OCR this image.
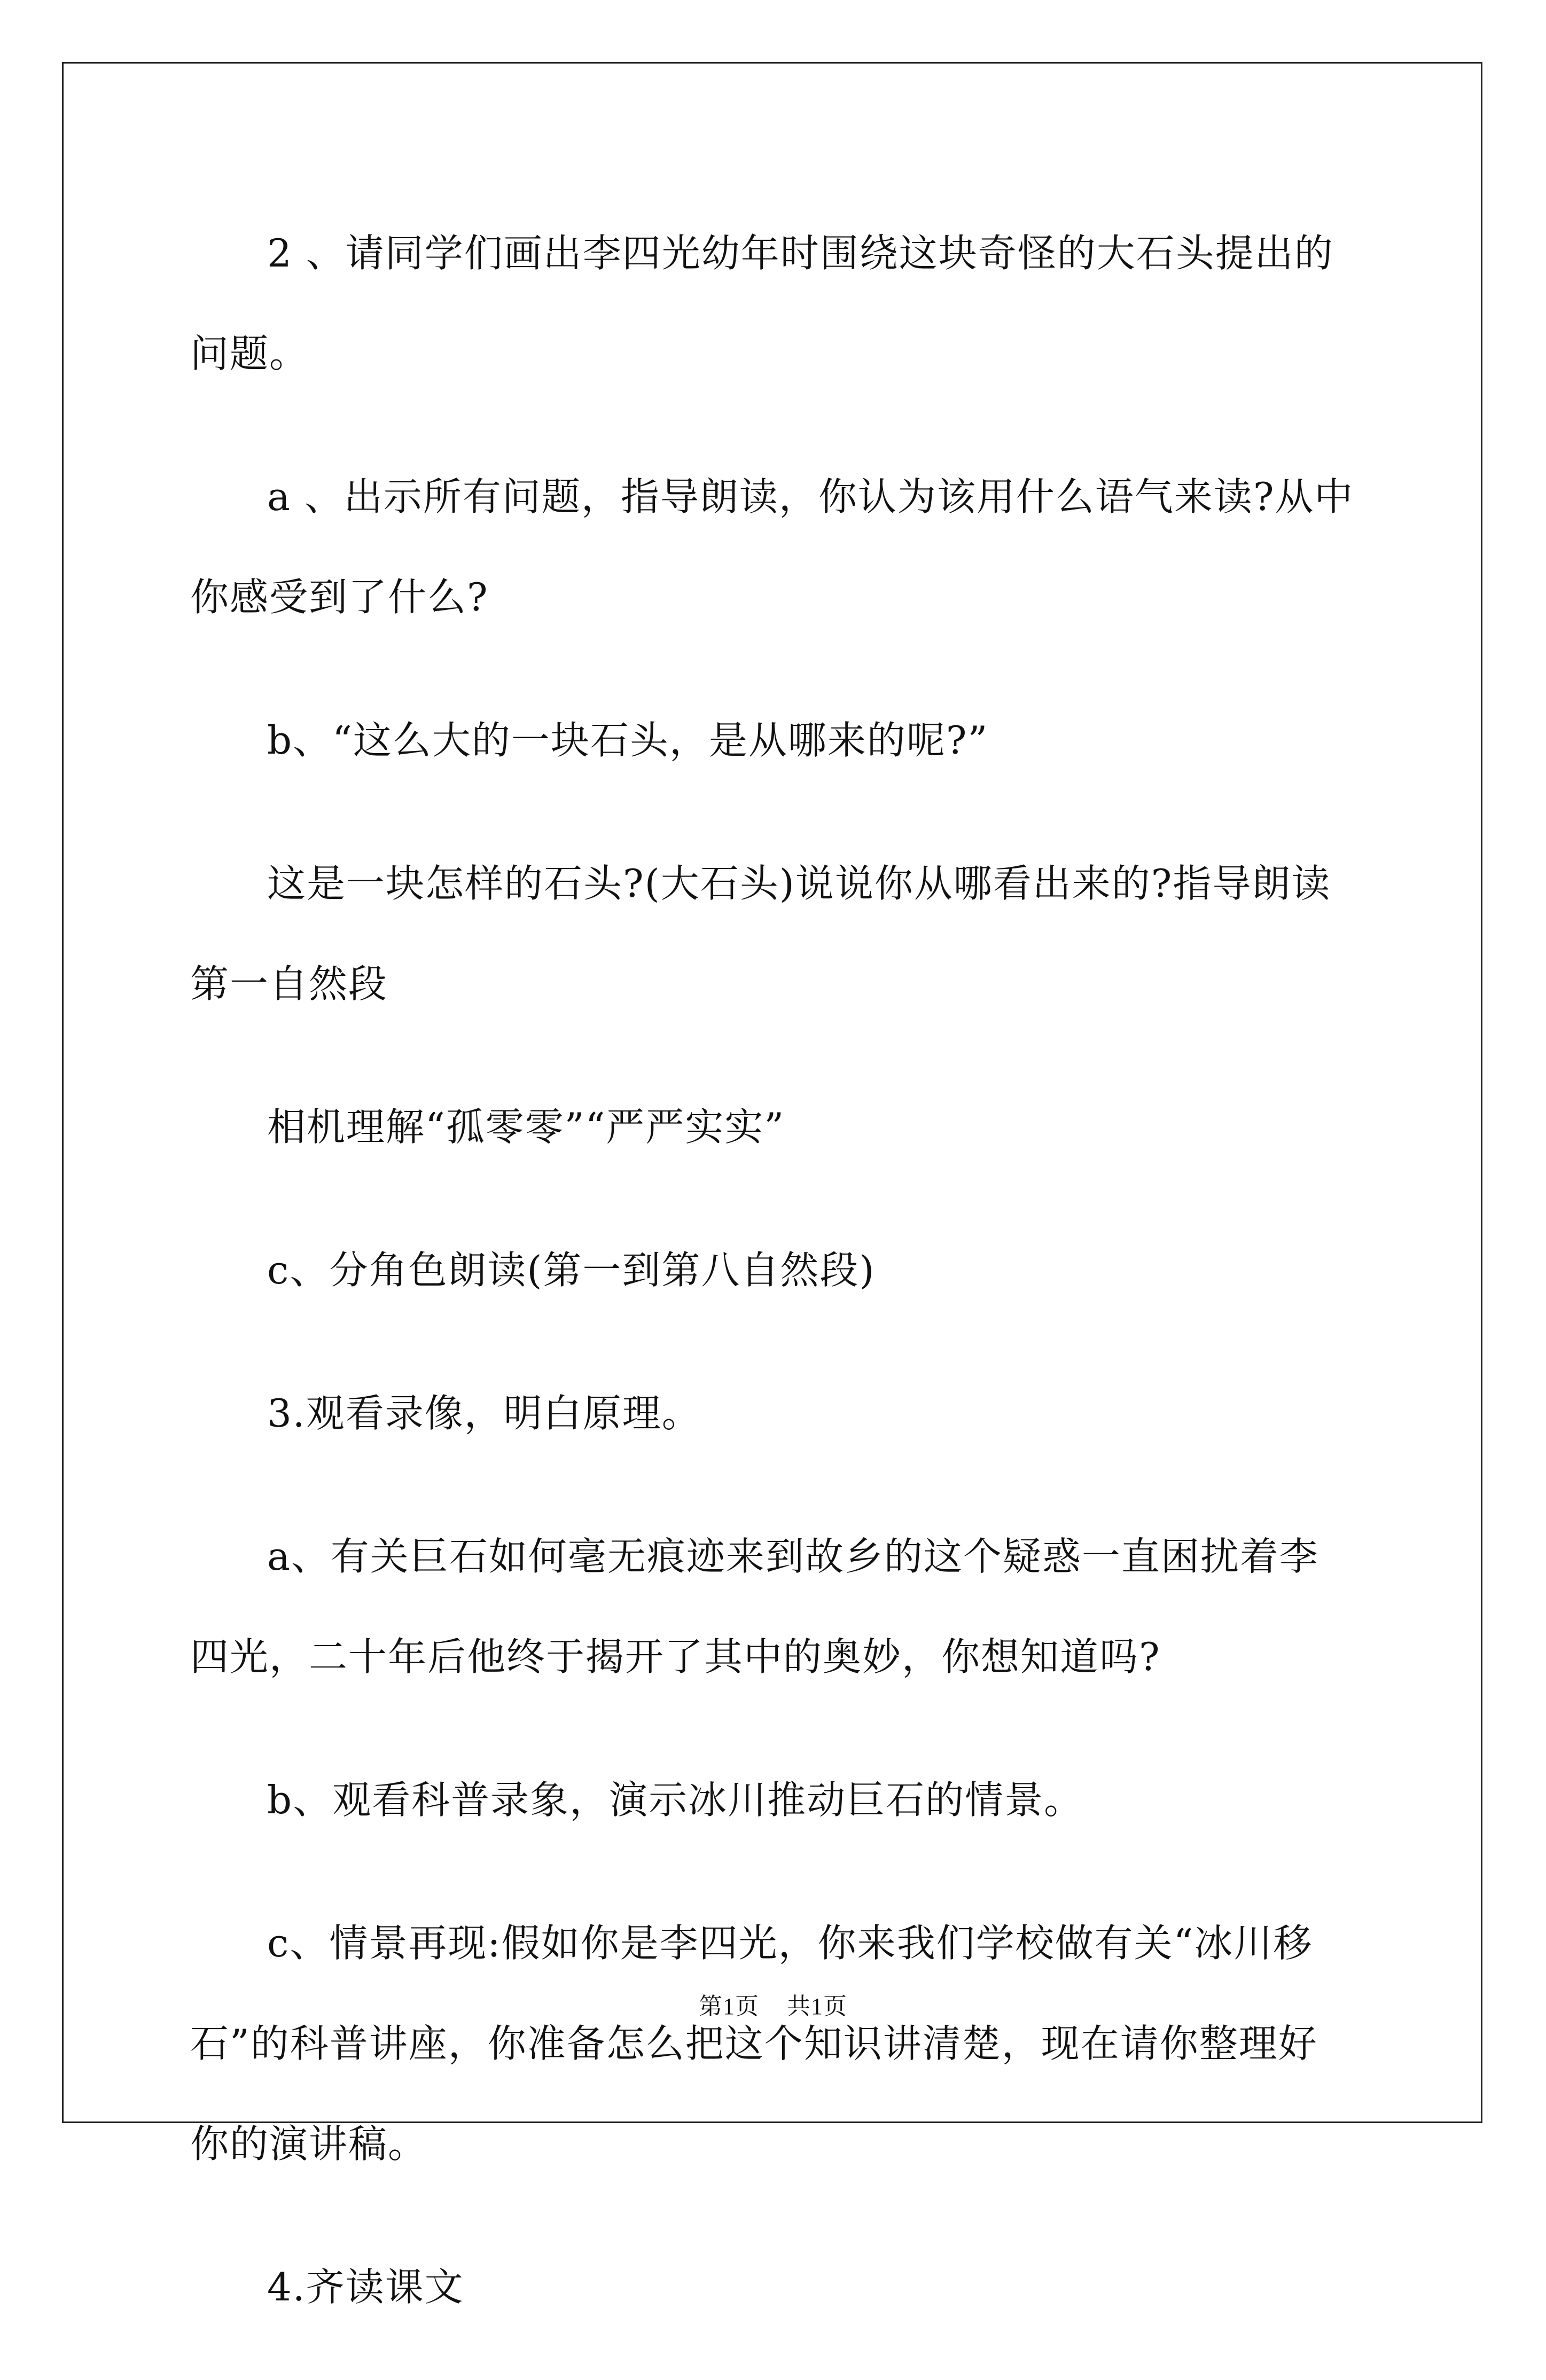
2 、请同学们画出李四光幼年时围绕这块奇怪的大石头提出的问题。

a 、出示所有问题，指导朗读，你认为该用什么语气来读?从中你感受到了什么?

b、“这么大的一块石头，是从哪来的呢?”

这是一块怎样的石头?(大石头)说说你从哪看出来的?指导朗读第一自然段

相机理解“孤零零”“严严实实”

c、分角色朗读(第一到第八自然段)

3.观看录像，明白原理。

a、有关巨石如何毫无痕迹来到故乡的这个疑惑一直困扰着李四光，二十年后他终于揭开了其中的奥妙，你想知道吗?

b、观看科普录象，演示冰川推动巨石的情景。

c、情景再现:假如你是李四光，你来我们学校做有关“冰川移石”的科普讲座，你准备怎么把这个知识讲清楚，现在请你整理好你的演讲稿。

4.齐读课文

第1页 共1页
